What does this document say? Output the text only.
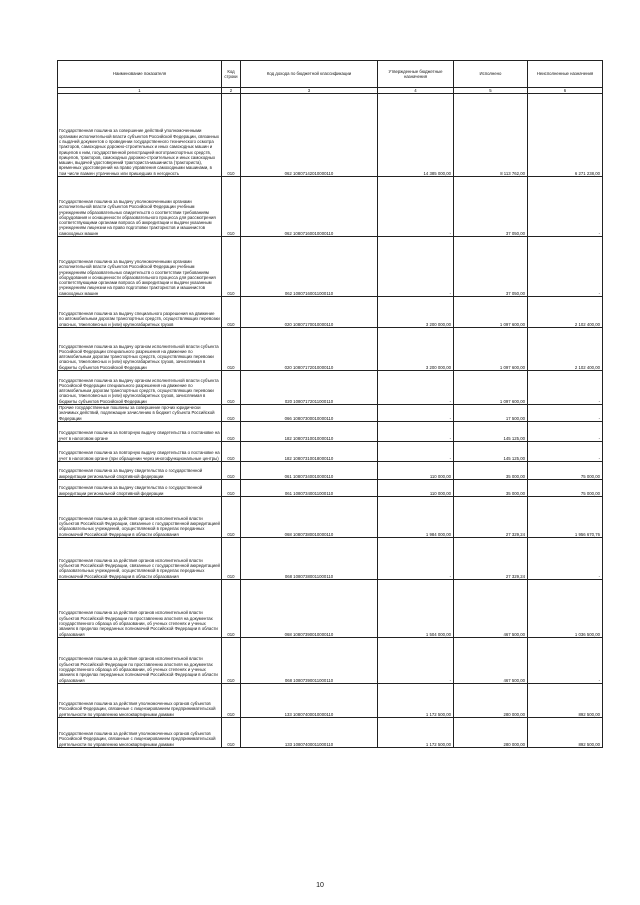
Наименование показателя	Код строки	Код дохода по бюджетной классификации	Утвержденные бюджетные назначения	Исполнено	Неисполненные назначения
1	2	3	4	5	6
Государственная пошлина за совершение действий уполномоченными органами исполнительной власти субъектов Российской Федерации, связанных с выдачей документов о проведении государственного технического осмотра тракторов, самоходных дорожно-строительных и иных самоходных машин и прицепов к ним, государственной регистрацией мототранспортных средств, прицепов, тракторов, самоходных дорожно-строительных и иных самоходных машин, выдачей удостоверений тракториста-машиниста (тракториста), временных удостоверений на право управления самоходными машинами, в том числе взамен утраченных или пришедших в негодность	010	062 10807142010000110	14 385 000,00	8 113 762,00	6 271 238,00
Государственная пошлина за выдачу уполномоченными органами исполнительной власти субъектов Российской Федерации учебным учреждениям образовательных свидетельств о соответствии требованиям оборудования и оснащенности образовательного процесса для рассмотрения соответствующими органами вопроса об аккредитации и выдачи указанным учреждениям лицензии на право подготовки трактористов и машинистов самоходных машин	010	062 10807160010000110	-	37 050,00	-
Государственная пошлина за выдачу уполномоченными органами исполнительной власти субъектов Российской Федерации учебным учреждениям образовательных свидетельств о соответствии требованиям оборудования и оснащенности образовательного процесса для рассмотрения соответствующими органами вопроса об аккредитации и выдачи указанным учреждениям лицензии на право подготовки трактористов и машинистов самоходных машин	010	062 10807160011000110	-	37 050,00	-
Государственная пошлина за выдачу специального разрешения на движение по автомобильным дорогам транспортных средств, осуществляющих перевозки опасных, тяжеловесных и (или) крупногабаритных грузов	010	020 10807170010000110	3 200 000,00	1 097 600,00	2 102 400,00
Государственная пошлина за выдачу органом исполнительной власти субъекта Российской Федерации специального разрешения на движение по автомобильным дорогам транспортных средств, осуществляющих перевозки опасных, тяжеловесных и (или) крупногабаритных грузов, зачисляемая в бюджеты субъектов Российской Федерации	010	020 10807172010000110	3 200 000,00	1 097 600,00	2 102 400,00
Государственная пошлина за выдачу органом исполнительной власти субъекта Российской Федерации специального разрешения на движение по автомобильным дорогам транспортных средств, осуществляющих перевозки опасных, тяжеловесных и (или) крупногабаритных грузов, зачисляемая в бюджеты субъектов Российской Федерации	010	020 10807172011000110	-	1 097 600,00	-
Прочие государственные пошлины за совершение прочих юридически значимых действий, подлежащие зачислению в бюджет субъекта Российской Федерации	010	066 10807300010000110	-	17 500,00	-
Государственная пошлина за повторную выдачу свидетельства о постановке на учет в налоговом органе	010	182 10807310010000110	-	145 125,00	-
Государственная пошлина за повторную выдачу свидетельства о постановке на учет в налоговом органе (при обращении через многофункциональные центры)	010	182 10807310018000110	-	145 125,00	-
Государственная пошлина за выдачу свидетельства о государственной аккредитации региональной спортивной федерации	010	061 10807340010000110	110 000,00	35 000,00	75 000,00
Государственная пошлина за выдачу свидетельства о государственной аккредитации региональной спортивной федерации	010	061 10807340011000110	110 000,00	35 000,00	75 000,00
Государственная пошлина за действия органов исполнительной власти субъектов Российской Федерации, связанные с государственной аккредитацией образовательных учреждений, осуществляемой в пределах переданных полномочий Российской Федерации в области образования	010	068 10807380010000110	1 984 000,00	27 329,24	1 956 670,76
Государственная пошлина за действия органов исполнительной власти субъектов Российской Федерации, связанные с государственной аккредитацией образовательных учреждений, осуществляемой в пределах переданных полномочий Российской Федерации в области образования	010	068 10807380011000110	-	27 329,24	-
Государственная пошлина за действия органов исполнительной власти субъектов Российской Федерации по проставлению апостиля на документах государственного образца об образовании, об ученых степенях и ученых званиях в пределах переданных полномочий Российской Федерации в области образования	010	068 10807390010000110	1 504 000,00	467 500,00	1 036 500,00
Государственная пошлина за действия органов исполнительной власти субъектов Российской Федерации по проставлению апостиля на документах государственного образца об образовании, об ученых степенях и ученых званиях в пределах переданных полномочий Российской Федерации в области образования	010	068 10807390011000110	-	467 500,00	-
Государственная пошлина за действия уполномоченных органов субъектов Российской Федерации, связанные с лицензированием предпринимательской деятельности по управлению многоквартирными домами	010	133 10807400010000110	1 172 500,00	280 000,00	892 500,00
Государственная пошлина за действия уполномоченных органов субъектов Российской Федерации, связанные с лицензированием предпринимательской деятельности по управлению многоквартирными домами	010	133 10807400011000110	1 172 500,00	280 000,00	892 500,00
10
